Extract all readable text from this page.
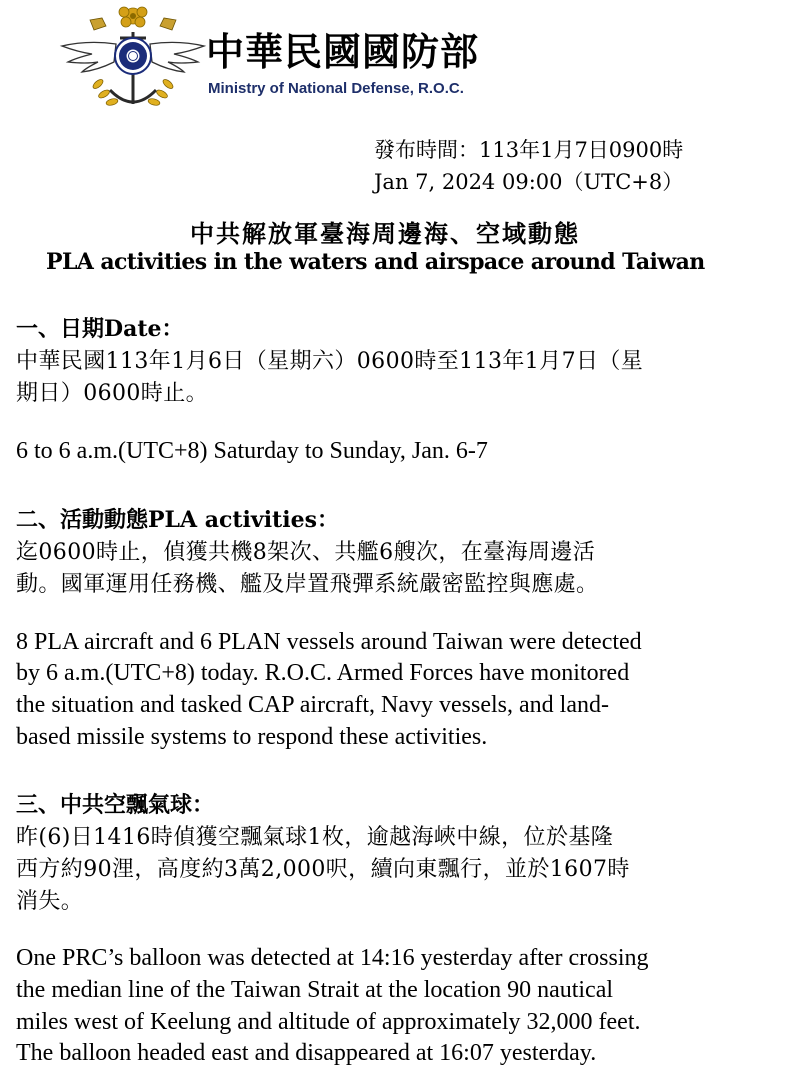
中華民國國防部
Ministry of National Defense, R.O.C.
發布時間：113年1月7日0900時
Jan 7, 2024 09:00（UTC+8）
中共解放軍臺海周邊海、空域動態
PLA activities in the waters and airspace around Taiwan
一、日期Date：
中華民國113年1月6日（星期六）0600時至113年1月7日（星
期日）0600時止。
6 to 6 a.m.(UTC+8) Saturday to Sunday, Jan. 6-7
二、活動動態PLA activities：
迄0600時止，偵獲共機8架次、共艦6艘次，在臺海周邊活
動。國軍運用任務機、艦及岸置飛彈系統嚴密監控與應處。
8 PLA aircraft and 6 PLAN vessels around Taiwan were detected
by 6 a.m.(UTC+8) today. R.O.C. Armed Forces have monitored
the situation and tasked CAP aircraft, Navy vessels, and land-
based missile systems to respond these activities.
三、中共空飄氣球：
昨(6)日1416時偵獲空飄氣球1枚，逾越海峽中線，位於基隆
西方約90浬，高度約3萬2,000呎，續向東飄行，並於1607時
消失。
One PRC’s balloon was detected at 14:16 yesterday after crossing
the median line of the Taiwan Strait at the location 90 nautical
miles west of Keelung and altitude of approximately 32,000 feet.
The balloon headed east and disappeared at 16:07 yesterday.
